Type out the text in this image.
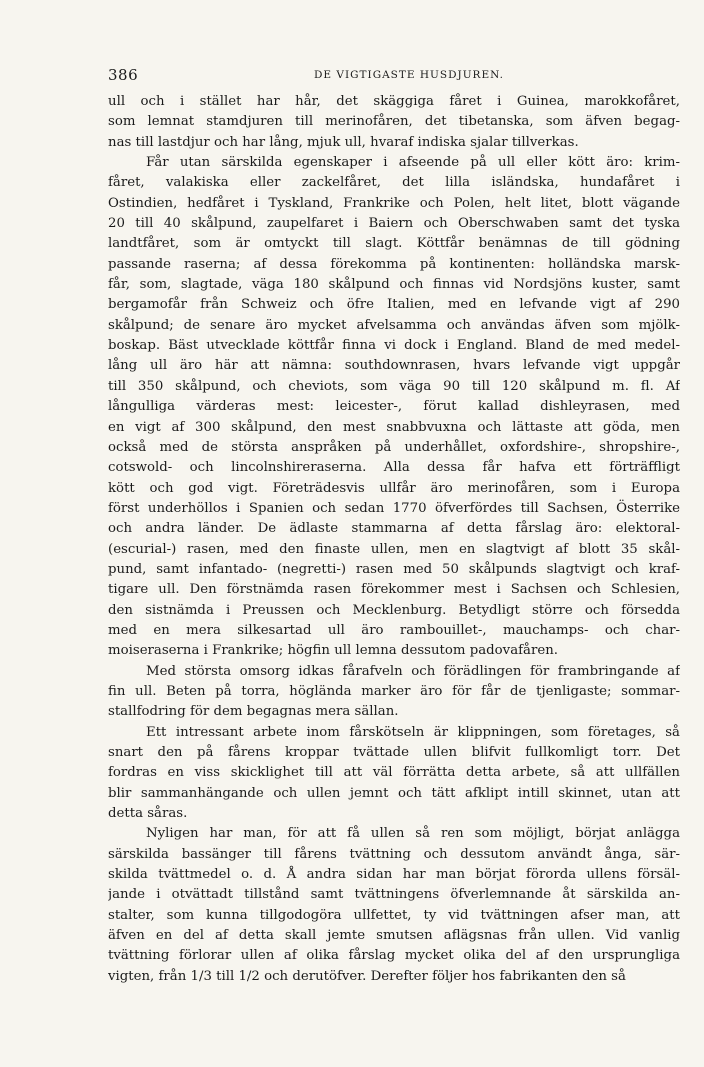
386	DE VIGTIGASTE HUSDJUREN.
ull och i stället har hår, det skäggiga fåret i Guinea, marokkofåret,
som lemnat stamdjuren till merinofåren, det tibetanska, som äfven begag-
nas till lastdjur och har lång, mjuk ull, hvaraf indiska sjalar tillverkas.
Får utan särskilda egenskaper i afseende på ull eller kött äro: krim-
fåret, valakiska eller zackelfåret, det lilla isländska, hundafåret i
Ostindien, hedfåret i Tyskland, Frankrike och Polen, helt litet, blott vägande
20 till 40 skålpund, zaupelfaret i Baiern och Oberschwaben samt det tyska
landtfåret, som är omtyckt till slagt. Köttfår benämnas de till gödning
passande raserna; af dessa förekomma på kontinenten: holländska marsk-
får, som, slagtade, väga 180 skålpund och finnas vid Nordsjöns kuster, samt
bergamofår från Schweiz och öfre Italien, med en lefvande vigt af 290
skålpund; de senare äro mycket afvelsamma och användas äfven som mjölk-
boskap. Bäst utvecklade köttfår finna vi dock i England. Bland de med medel-
lång ull äro här att nämna: southdownrasen, hvars lefvande vigt uppgår
till 350 skålpund, och cheviots, som väga 90 till 120 skålpund m. fl. Af
långulliga värderas mest: leicester-, förut kallad dishleyrasen, med
en vigt af 300 skålpund, den mest snabbvuxna och lättaste att göda, men
också med de största anspråken på underhållet, oxfordshire-, shropshire-,
cotswold- och lincolnshireraserna. Alla dessa får hafva ett förträffligt
kött och god vigt. Företrädesvis ullfår äro merinofåren, som i Europa
först underhöllos i Spanien och sedan 1770 öfverfördes till Sachsen, Österrike
och andra länder. De ädlaste stammarna af detta fårslag äro: elektoral-
(escurial-) rasen, med den finaste ullen, men en slagtvigt af blott 35 skål-
pund, samt infantado- (negretti-) rasen med 50 skålpunds slagtvigt och kraf-
tigare ull. Den förstnämda rasen förekommer mest i Sachsen och Schlesien,
den sistnämda i Preussen och Mecklenburg. Betydligt större och försedda
med en mera silkesartad ull äro rambouillet-, mauchamps- och char-
moiseraserna i Frankrike; högfin ull lemna dessutom padovafåren.
Med största omsorg idkas fårafveln och förädlingen för frambringande af
fin ull. Beten på torra, högländа marker äro för får de tjenligaste; sommar-
stallfodring för dem begagnas mera sällan.
Ett intressant arbete inom fårskötseln är klippningen, som företages, så
snart den på fårens kroppar tvättade ullen blifvit fullkomligt torr. Det
fordras en viss skicklighet till att väl förrätta detta arbete, så att ullfällen
blir sammanhängande och ullen jemnt och tätt afklipt intill skinnet, utan att
detta såras.
Nyligen har man, för att få ullen så ren som möjligt, börjat anlägga
särskilda bassänger till fårens tvättning och dessutom användt ånga, sär-
skilda tvättmedel o. d. Å andra sidan har man börjat förorda ullens försäl-
jande i otvättadt tillstånd samt tvättningens öfverlemnande åt särskilda an-
stalter, som kunna tillgodogöra ullfettet, ty vid tvättningen afser man, att
äfven en del af detta skall jemte smutsen aflägsnas från ullen. Vid vanlig
tvättning förlorar ullen af olika fårslag mycket olika del af den ursprungliga
vigten, från 1/3 till 1/2 och derutöfver. Derefter följer hos fabrikanten den så
